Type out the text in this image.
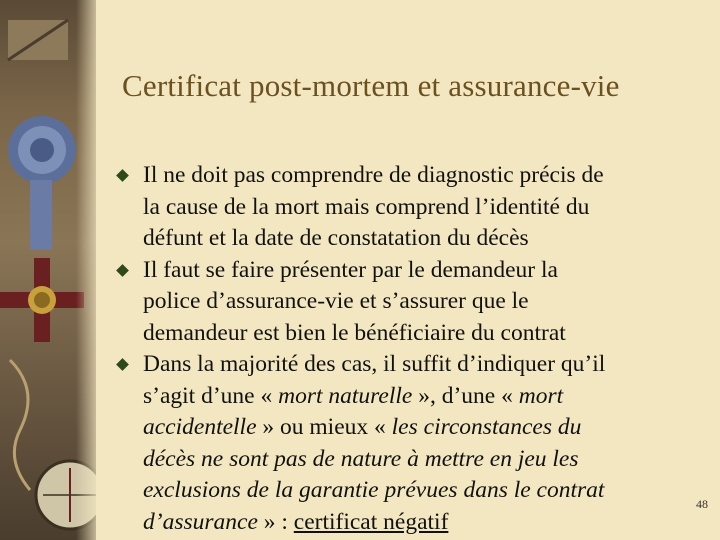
Certificat post-mortem et assurance-vie
Il ne doit pas comprendre de diagnostic précis de
la cause de la mort mais comprend l’identité du
défunt et la date de constatation du décès
Il faut se faire présenter par le demandeur la
police d’assurance-vie et s’assurer que le
demandeur est bien le bénéficiaire du contrat
Dans la majorité des cas, il suffit d’indiquer qu’il
s’agit d’une « mort naturelle », d’une « mort
accidentelle » ou mieux « les circonstances du
décès ne sont pas de nature à mettre en jeu les
exclusions de la garantie prévues dans le contrat
d’assurance » : certificat négatif
48
